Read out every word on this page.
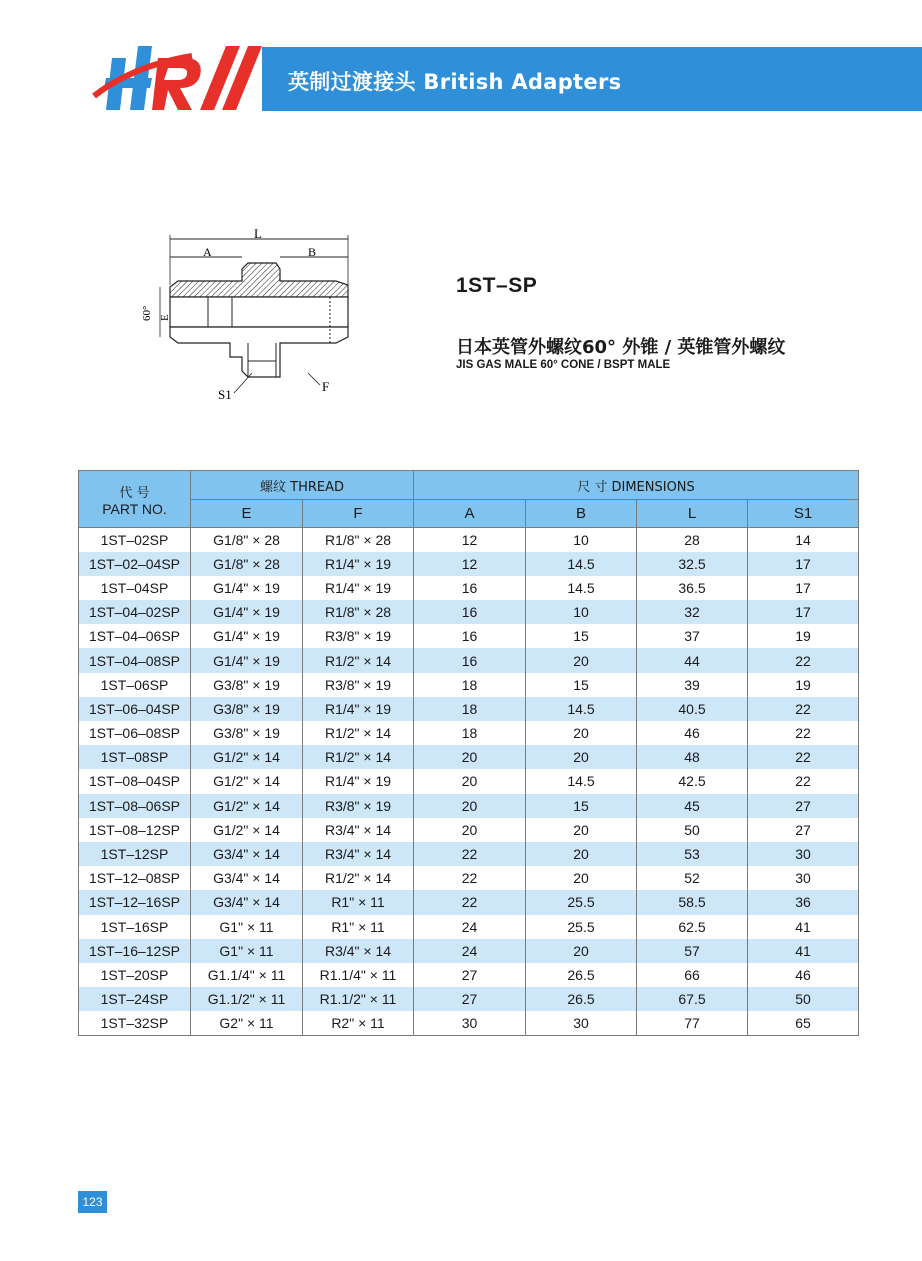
英制过渡接头 British Adapters
L
A	B
60° E
S1
F
1ST–SP
日本英管外螺纹60° 外锥 / 英锥管外螺纹
JIS GAS MALE 60° CONE / BSPT MALE
代 号
PART NO.	螺纹 THREAD		尺 寸 DIMENSIONS			
	E	F	A	B	L	S1
1ST–02SP	G1/8" × 28	R1/8" × 28	12	10	28	14
1ST–02–04SP	G1/8" × 28	R1/4" × 19	12	14.5	32.5	17
1ST–04SP	G1/4" × 19	R1/4" × 19	16	14.5	36.5	17
1ST–04–02SP	G1/4" × 19	R1/8" × 28	16	10	32	17
1ST–04–06SP	G1/4" × 19	R3/8" × 19	16	15	37	19
1ST–04–08SP	G1/4" × 19	R1/2" × 14	16	20	44	22
1ST–06SP	G3/8" × 19	R3/8" × 19	18	15	39	19
1ST–06–04SP	G3/8" × 19	R1/4" × 19	18	14.5	40.5	22
1ST–06–08SP	G3/8" × 19	R1/2" × 14	18	20	46	22
1ST–08SP	G1/2" × 14	R1/2" × 14	20	20	48	22
1ST–08–04SP	G1/2" × 14	R1/4" × 19	20	14.5	42.5	22
1ST–08–06SP	G1/2" × 14	R3/8" × 19	20	15	45	27
1ST–08–12SP	G1/2" × 14	R3/4" × 14	20	20	50	27
1ST–12SP	G3/4" × 14	R3/4" × 14	22	20	53	30
1ST–12–08SP	G3/4" × 14	R1/2" × 14	22	20	52	30
1ST–12–16SP	G3/4" × 14	R1" × 11	22	25.5	58.5	36
1ST–16SP	G1" × 11	R1" × 11	24	25.5	62.5	41
1ST–16–12SP	G1" × 11	R3/4" × 14	24	20	57	41
1ST–20SP	G1.1/4" × 11	R1.1/4" × 11	27	26.5	66	46
1ST–24SP	G1.1/2" × 11	R1.1/2" × 11	27	26.5	67.5	50
1ST–32SP	G2" × 11	R2" × 11	30	30	77	65
123
